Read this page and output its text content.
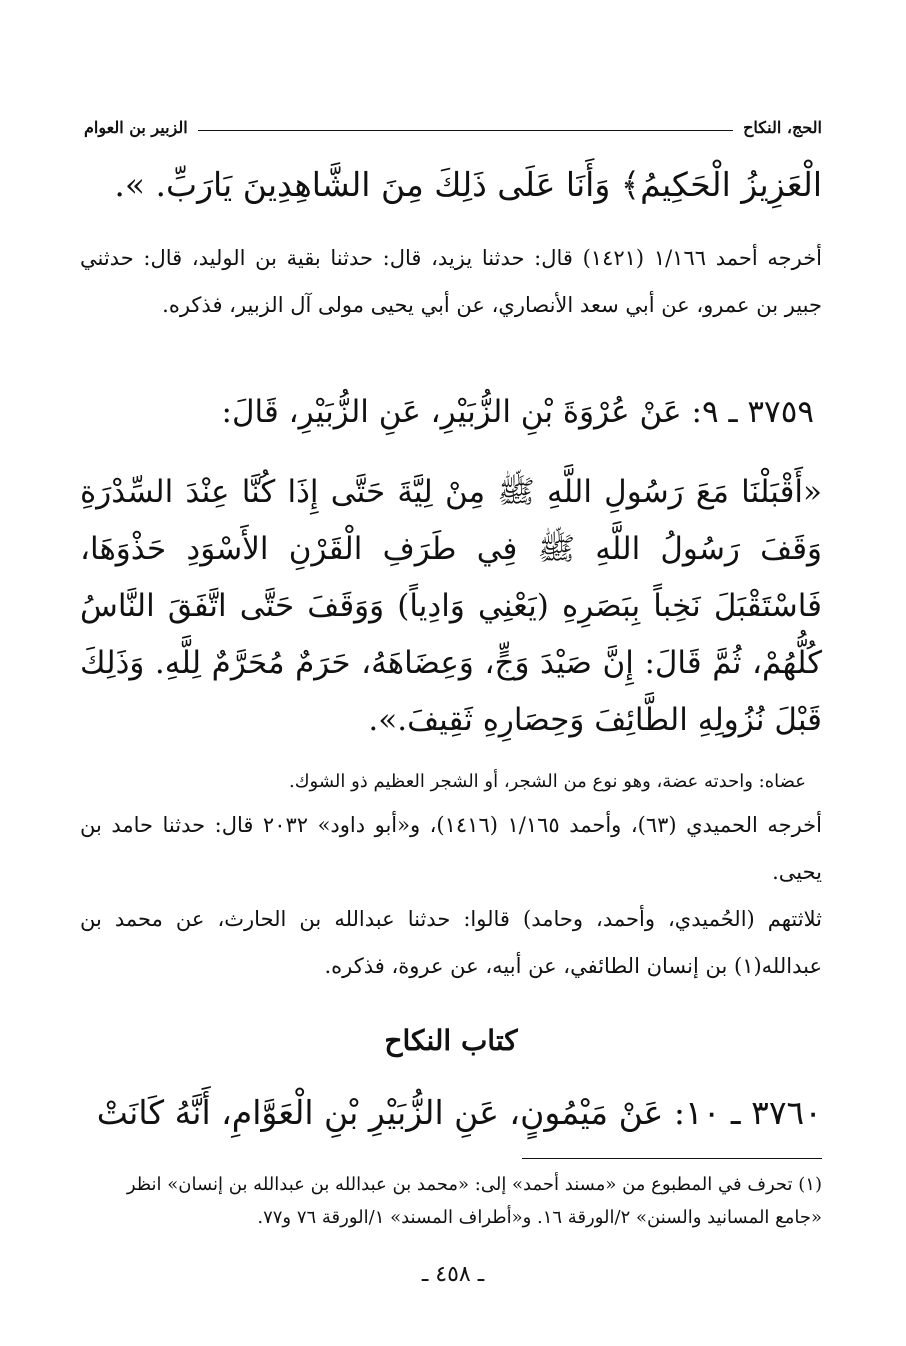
الحج، النكاح
الزبير بن العوام
الْعَزِيزُ الْحَكِيمُ﴾ وَأَنَا عَلَى ذَلِكَ مِنَ الشَّاهِدِينَ يَارَبِّ. ».
أخرجه أحمد ١/١٦٦ (١٤٢١) قال: حدثنا يزيد، قال: حدثنا بقية بن الوليد، قال: حدثني جبير بن عمرو، عن أبي سعد الأنصاري، عن أبي يحيى مولى آل الزبير، فذكره.
٣٧٥٩ ـ ٩: عَنْ عُرْوَةَ بْنِ الزُّبَيْرِ، عَنِ الزُّبَيْرِ، قَالَ:
«أَقْبَلْنَا مَعَ رَسُولِ اللَّهِ ﷺ مِنْ لِيَّةَ حَتَّى إِذَا كُنَّا عِنْدَ السِّدْرَةِ وَقَفَ رَسُولُ اللَّهِ ﷺ فِي طَرَفِ الْقَرْنِ الأَسْوَدِ حَذْوَهَا، فَاسْتَقْبَلَ نَخِباً بِبَصَرِهِ (يَعْنِي وَادِياً) وَوَقَفَ حَتَّى اتَّفَقَ النَّاسُ كُلُّهُمْ، ثُمَّ قَالَ: إِنَّ صَيْدَ وَجٍّ، وَعِضَاهَهُ، حَرَمٌ مُحَرَّمٌ لِلَّهِ. وَذَلِكَ قَبْلَ نُزُولِهِ الطَّائِفَ وَحِصَارِهِ ثَقِيفَ.».
عضاه: واحدته عضة، وهو نوع من الشجر، أو الشجر العظيم ذو الشوك.
أخرجه الحميدي (٦٣)، وأحمد ١/١٦٥ (١٤١٦)، و«أبو داود» ٢٠٣٢ قال: حدثنا حامد بن يحيى.
ثلاثتهم (الحُميدي، وأحمد، وحامد) قالوا: حدثنا عبدالله بن الحارث، عن محمد بن عبدالله(١) بن إنسان الطائفي، عن أبيه، عن عروة، فذكره.
كتاب النكاح
٣٧٦٠ ـ ١٠: عَنْ مَيْمُونٍ، عَنِ الزُّبَيْرِ بْنِ الْعَوَّامِ، أَنَّهُ كَانَتْ
(١) تحرف في المطبوع من «مسند أحمد» إلى: «محمد بن عبدالله بن عبدالله بن إنسان» انظر «جامع المسانيد والسنن» ٢/الورقة ١٦. و«أطراف المسند» ١/الورقة ٧٦ و٧٧.
ـ ٤٥٨ ـ
